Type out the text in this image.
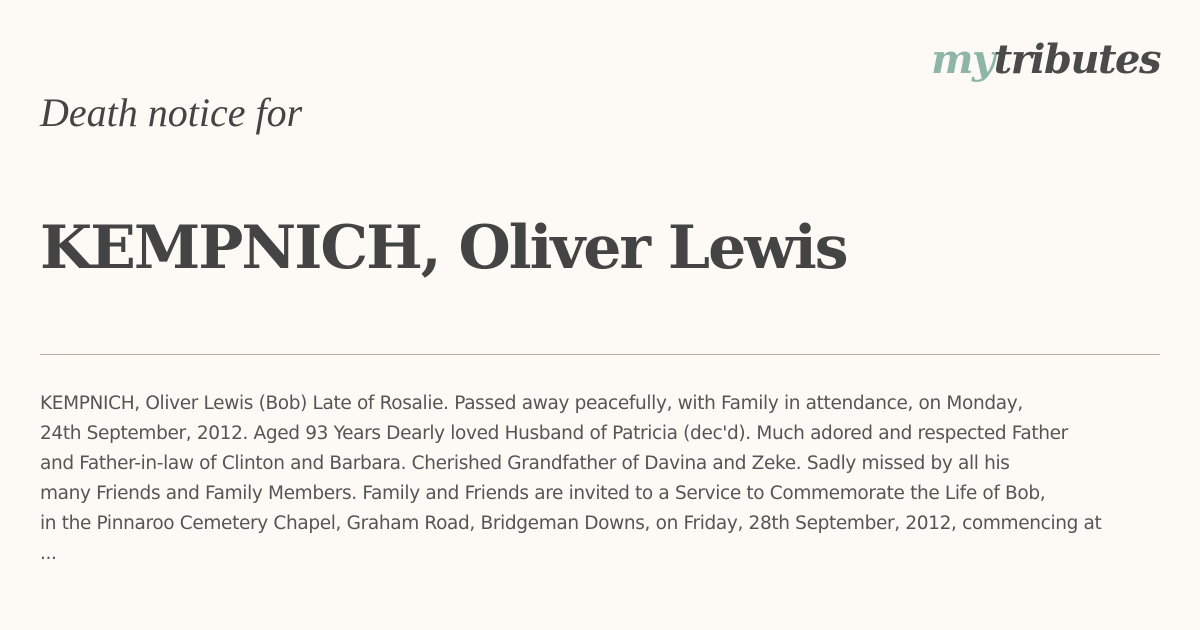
mytributes
Death notice for
KEMPNICH, Oliver Lewis
KEMPNICH, Oliver Lewis (Bob) Late of Rosalie. Passed away peacefully, with Family in attendance, on Monday,
24th September, 2012. Aged 93 Years Dearly loved Husband of Patricia (dec'd). Much adored and respected Father
and Father-in-law of Clinton and Barbara. Cherished Grandfather of Davina and Zeke. Sadly missed by all his
many Friends and Family Members. Family and Friends are invited to a Service to Commemorate the Life of Bob,
in the Pinnaroo Cemetery Chapel, Graham Road, Bridgeman Downs, on Friday, 28th September, 2012, commencing at
...
